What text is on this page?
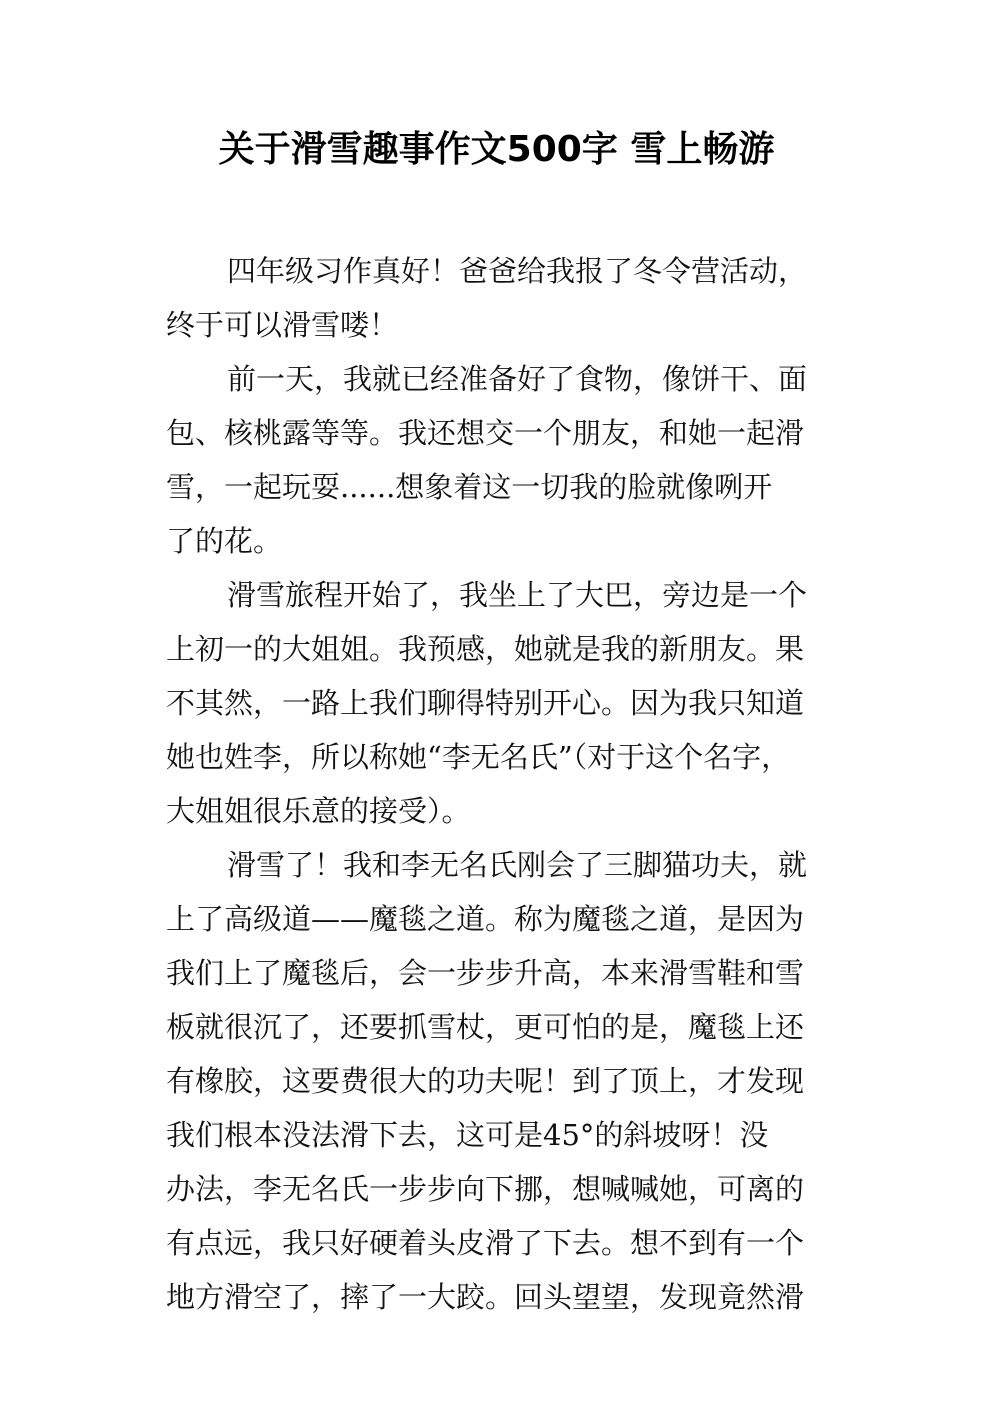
关于滑雪趣事作文500字 雪上畅游

四年级习作真好！爸爸给我报了冬令营活动，
终于可以滑雪喽！

前一天，我就已经准备好了食物，像饼干、面
包、核桃露等等。我还想交一个朋友，和她一起滑
雪，一起玩耍......想象着这一切我的脸就像咧开
了的花。

滑雪旅程开始了，我坐上了大巴，旁边是一个
上初一的大姐姐。我预感，她就是我的新朋友。果
不其然，一路上我们聊得特别开心。因为我只知道
她也姓李，所以称她“李无名氏”（对于这个名字，
大姐姐很乐意的接受）。

滑雪了！我和李无名氏刚会了三脚猫功夫，就
上了高级道——魔毯之道。称为魔毯之道，是因为
我们上了魔毯后，会一步步升高，本来滑雪鞋和雪
板就很沉了，还要抓雪杖，更可怕的是，魔毯上还
有橡胶，这要费很大的功夫呢！到了顶上，才发现
我们根本没法滑下去，这可是45°的斜坡呀！没
办法，李无名氏一步步向下挪，想喊喊她，可离的
有点远，我只好硬着头皮滑了下去。想不到有一个
地方滑空了，摔了一大跤。回头望望，发现竟然滑
